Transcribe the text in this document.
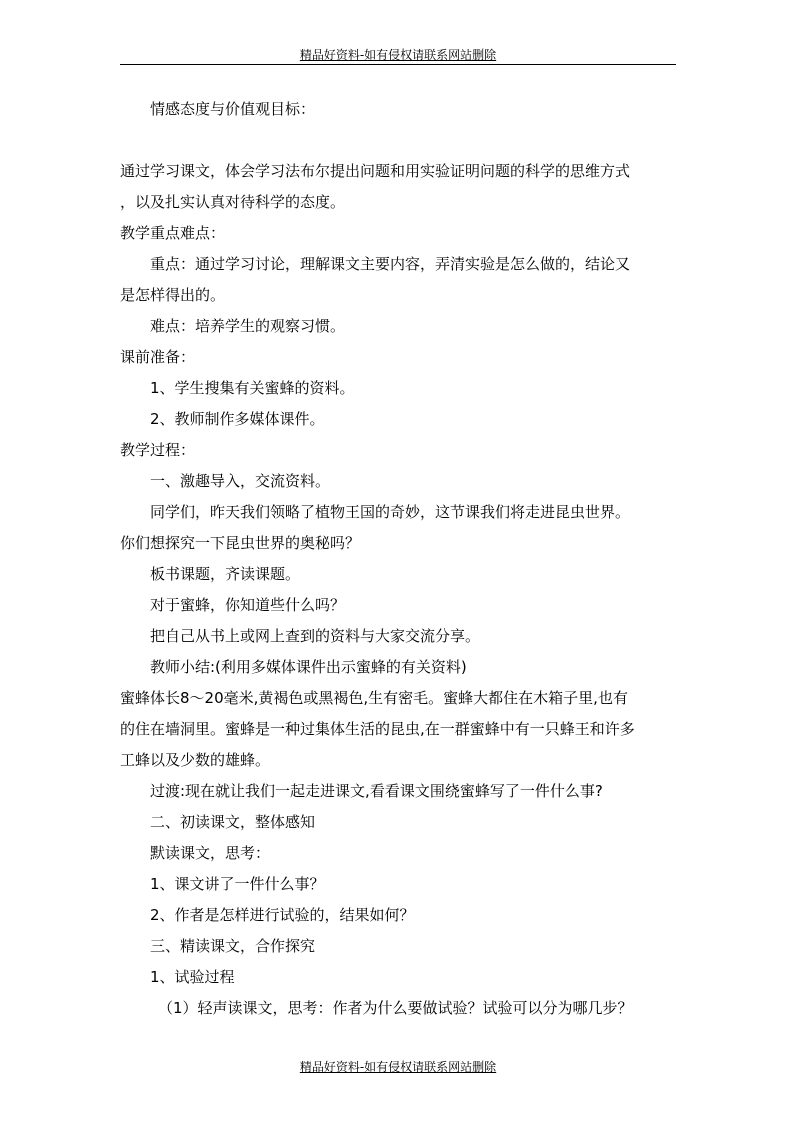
精品好资料-如有侵权请联系网站删除
情感态度与价值观目标：
通过学习课文，体会学习法布尔提出问题和用实验证明问题的科学的思维方式
，以及扎实认真对待科学的态度。
教学重点难点：
重点：通过学习讨论，理解课文主要内容，弄清实验是怎么做的，结论又
是怎样得出的。
难点：培养学生的观察习惯。
课前准备：
1、学生搜集有关蜜蜂的资料。
2、教师制作多媒体课件。
教学过程：
一、激趣导入，交流资料。
同学们，昨天我们领略了植物王国的奇妙，这节课我们将走进昆虫世界。
你们想探究一下昆虫世界的奥秘吗？
板书课题，齐读课题。
对于蜜蜂，你知道些什么吗？
把自己从书上或网上查到的资料与大家交流分享。
教师小结:(利用多媒体课件出示蜜蜂的有关资料)
蜜蜂体长8～20毫米,黄褐色或黑褐色,生有密毛。蜜蜂大都住在木箱子里,也有
的住在墙洞里。蜜蜂是一种过集体生活的昆虫,在一群蜜蜂中有一只蜂王和许多
工蜂以及少数的雄蜂。
过渡:现在就让我们一起走进课文,看看课文围绕蜜蜂写了一件什么事?
二、初读课文，整体感知
默读课文，思考：
1、课文讲了一件什么事？
2、作者是怎样进行试验的，结果如何？
三、精读课文，合作探究
1、试验过程
（1）轻声读课文，思考：作者为什么要做试验？试验可以分为哪几步？
精品好资料-如有侵权请联系网站删除
